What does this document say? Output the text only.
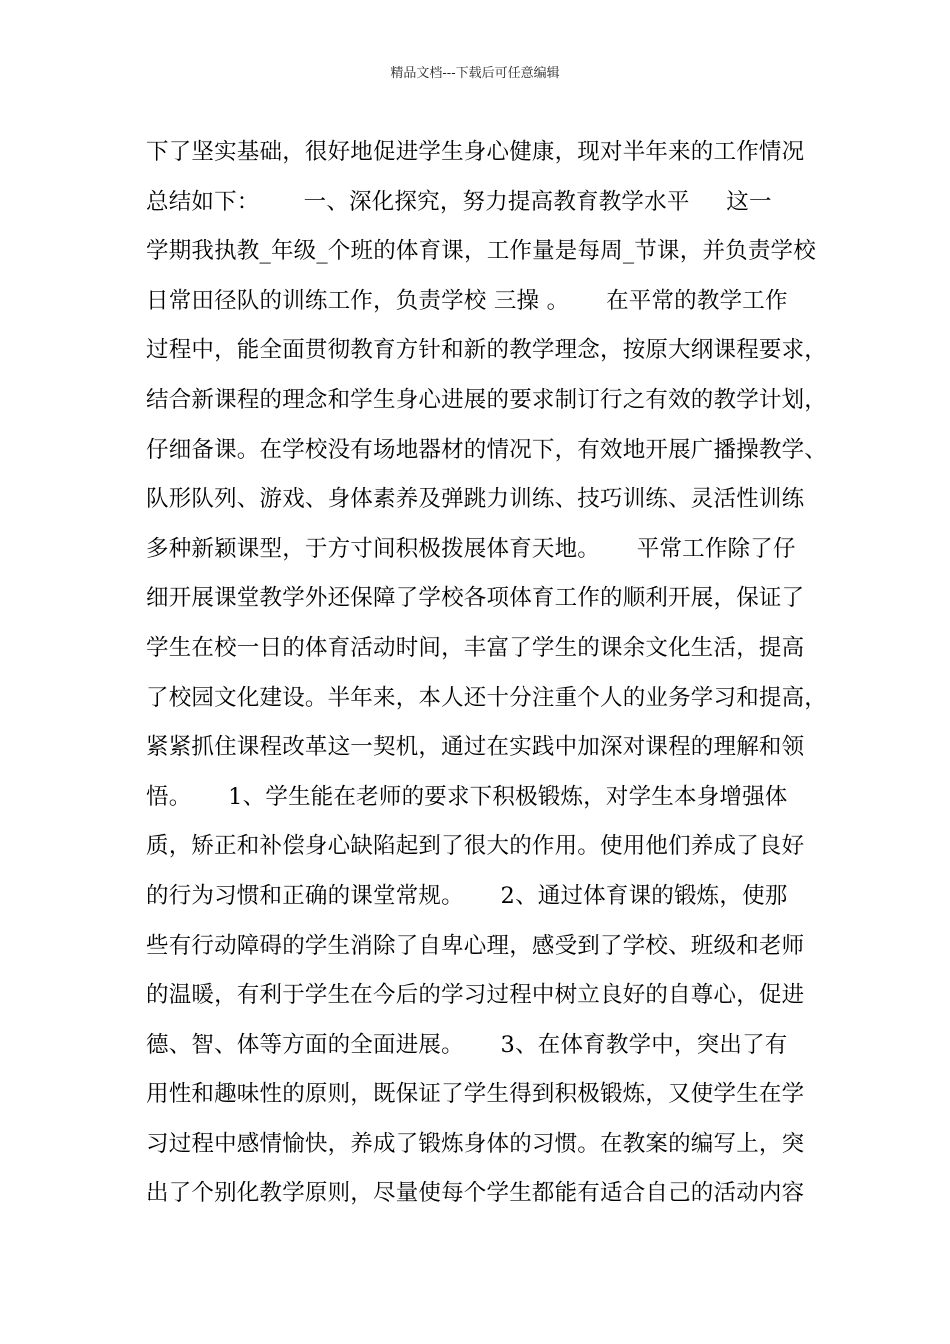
精品文档---下载后可任意编辑
下了坚实基础，很好地促进学生身心健康，现对半年来的工作情况
总结如下：      一、深化探究，努力提高教育教学水平     这一
学期我执教_年级_个班的体育课，工作量是每周_节课，并负责学校
日常田径队的训练工作，负责学校 三操 。     在平常的教学工作
过程中，能全面贯彻教育方针和新的教学理念，按原大纲课程要求，
结合新课程的理念和学生身心进展的要求制订行之有效的教学计划，
仔细备课。在学校没有场地器材的情况下，有效地开展广播操教学、
队形队列、游戏、身体素养及弹跳力训练、技巧训练、灵活性训练
多种新颖课型，于方寸间积极拨展体育天地。     平常工作除了仔
细开展课堂教学外还保障了学校各项体育工作的顺利开展，保证了
学生在校一日的体育活动时间，丰富了学生的课余文化生活，提高
了校园文化建设。半年来，本人还十分注重个人的业务学习和提高，
紧紧抓住课程改革这一契机，通过在实践中加深对课程的理解和领
悟。     1、学生能在老师的要求下积极锻炼，对学生本身增强体
质，矫正和补偿身心缺陷起到了很大的作用。使用他们养成了良好
的行为习惯和正确的课堂常规。     2、通过体育课的锻炼，使那
些有行动障碍的学生消除了自卑心理，感受到了学校、班级和老师
的温暖，有利于学生在今后的学习过程中树立良好的自尊心，促进
德、智、体等方面的全面进展。     3、在体育教学中，突出了有
用性和趣味性的原则，既保证了学生得到积极锻炼，又使学生在学
习过程中感情愉快，养成了锻炼身体的习惯。在教案的编写上，突
出了个别化教学原则，尽量使每个学生都能有适合自己的活动内容
